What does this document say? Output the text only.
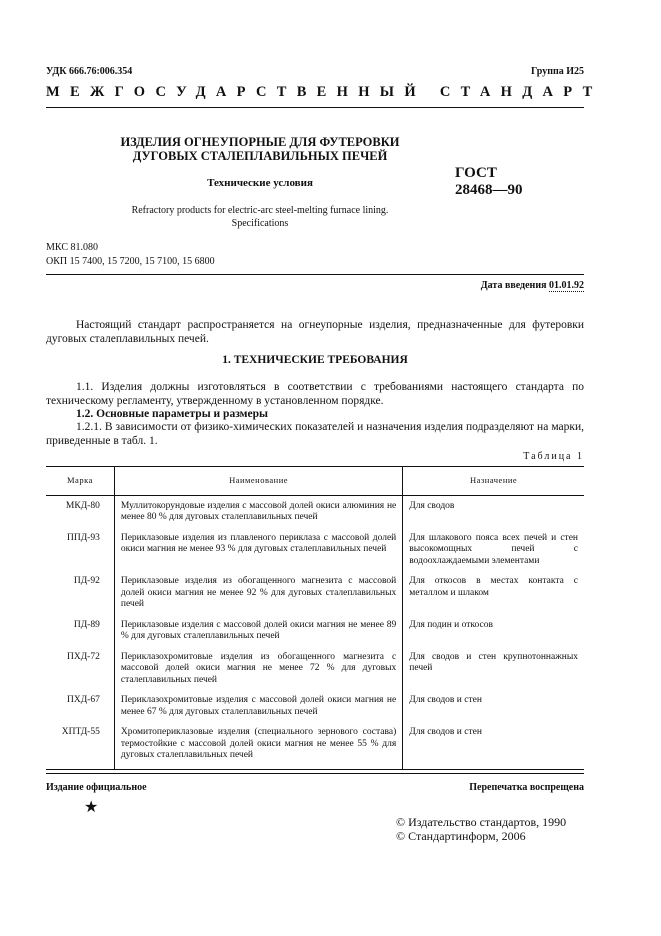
УДК 666.76:006.354	Группа И25
МЕЖГОСУДАРСТВЕННЫЙ СТАНДАРТ
ИЗДЕЛИЯ ОГНЕУПОРНЫЕ ДЛЯ ФУТЕРОВКИ
ДУГОВЫХ СТАЛЕПЛАВИЛЬНЫХ ПЕЧЕЙ
Технические условия
Refractory products for electric-arc steel-melting furnace lining.
Specifications
ГОСТ
28468—90
МКС 81.080
ОКП 15 7400, 15 7200, 15 7100, 15 6800
Дата введения 01.01.92
Настоящий стандарт распространяется на огнеупорные изделия, предназначенные для футеровки дуговых сталеплавильных печей.
1. ТЕХНИЧЕСКИЕ ТРЕБОВАНИЯ
1.1. Изделия должны изготовляться в соответствии с требованиями настоящего стандарта по техническому регламенту, утвержденному в установленном порядке.
1.2. Основные параметры и размеры
1.2.1. В зависимости от физико-химических показателей и назначения изделия подразделяют на марки, приведенные в табл. 1.
Таблица 1
Марка	Наименование	Назначение
МКД-80	Муллитокорундовые изделия с массовой долей окиси алюминия не менее 80 % для дуговых сталеплавильных печей	Для сводов
ППД-93	Периклазовые изделия из плавленого периклаза с массовой долей окиси магния не менее 93 % для дуговых сталеплавильных печей	Для шлакового пояса всех печей и стен высокомощных печей с водоохлаждаемыми элементами
ПД-92	Периклазовые изделия из обогащенного магнезита с массовой долей окиси магния не менее 92 % для дуговых сталеплавильных печей	Для откосов в местах контакта с металлом и шлаком
ПД-89	Периклазовые изделия с массовой долей окиси магния не менее 89 % для дуговых сталеплавильных печей	Для подин и откосов
ПХД-72	Периклазохромитовые изделия из обогащенного магнезита с массовой долей окиси магния не менее 72 % для дуговых сталеплавильных печей	Для сводов и стен крупнотоннажных печей
ПХД-67	Периклазохромитовые изделия с массовой долей окиси магния не менее 67 % для дуговых сталеплавильных печей	Для сводов и стен
ХПТД-55	Хромитопериклазовые изделия (специального зернового состава) термостойкие с массовой долей окиси магния не менее 55 % для дуговых сталеплавильных печей	Для сводов и стен
Издание официальное	Перепечатка воспрещена
★
© Издательство стандартов, 1990
© Стандартинформ, 2006
